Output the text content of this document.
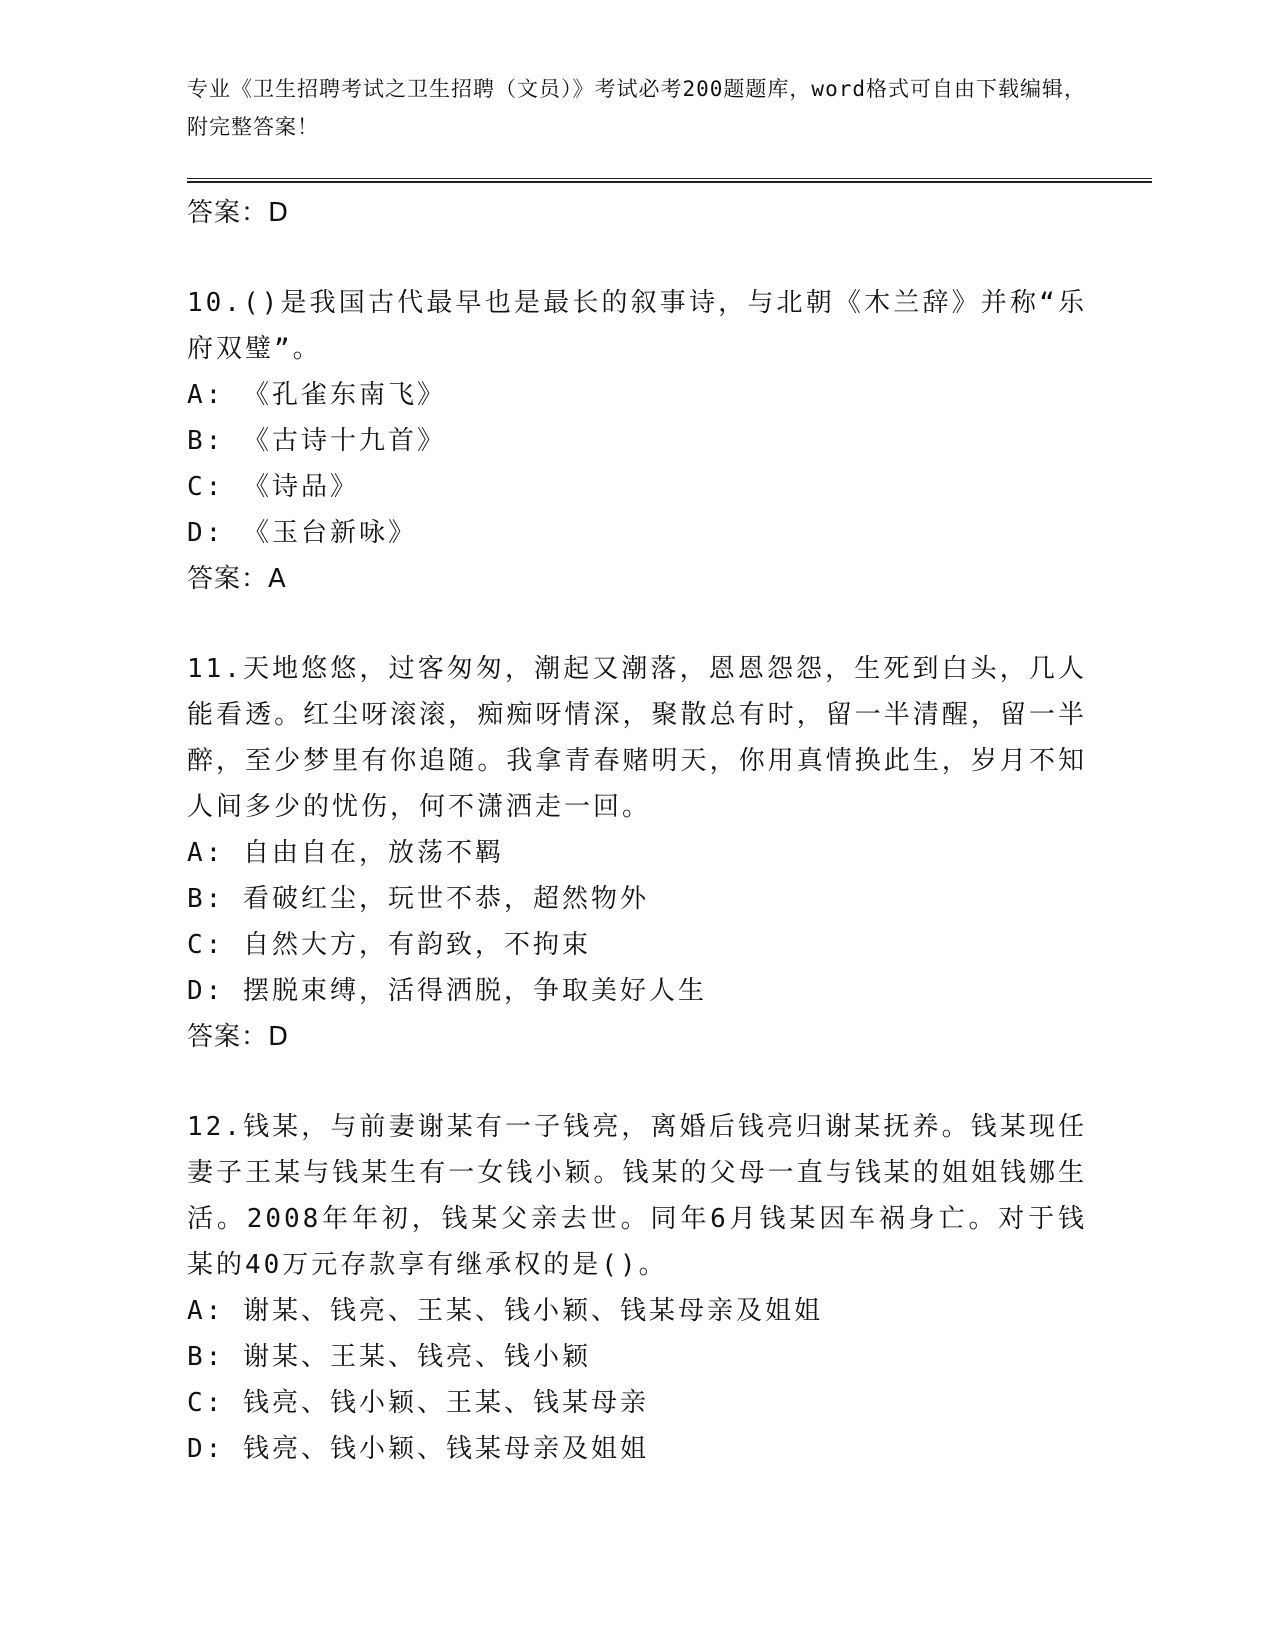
专业《卫生招聘考试之卫生招聘（文员）》考试必考200题题库，word格式可自由下载编辑，附完整答案！
答案：D
10.()是我国古代最早也是最长的叙事诗，与北朝《木兰辞》并称“乐府双璧”。
A: 《孔雀东南飞》
B: 《古诗十九首》
C: 《诗品》
D: 《玉台新咏》
答案：A
11.天地悠悠，过客匆匆，潮起又潮落，恩恩怨怨，生死到白头，几人能看透。红尘呀滚滚，痴痴呀情深，聚散总有时，留一半清醒，留一半醉，至少梦里有你追随。我拿青春赌明天，你用真情换此生，岁月不知人间多少的忧伤，何不潇洒走一回。
A: 自由自在，放荡不羁
B: 看破红尘，玩世不恭，超然物外
C: 自然大方，有韵致，不拘束
D: 摆脱束缚，活得洒脱，争取美好人生
答案：D
12.钱某，与前妻谢某有一子钱亮，离婚后钱亮归谢某抚养。钱某现任妻子王某与钱某生有一女钱小颖。钱某的父母一直与钱某的姐姐钱娜生活。2008年年初，钱某父亲去世。同年6月钱某因车祸身亡。对于钱某的40万元存款享有继承权的是()。
A: 谢某、钱亮、王某、钱小颖、钱某母亲及姐姐
B: 谢某、王某、钱亮、钱小颖
C: 钱亮、钱小颖、王某、钱某母亲
D: 钱亮、钱小颖、钱某母亲及姐姐
